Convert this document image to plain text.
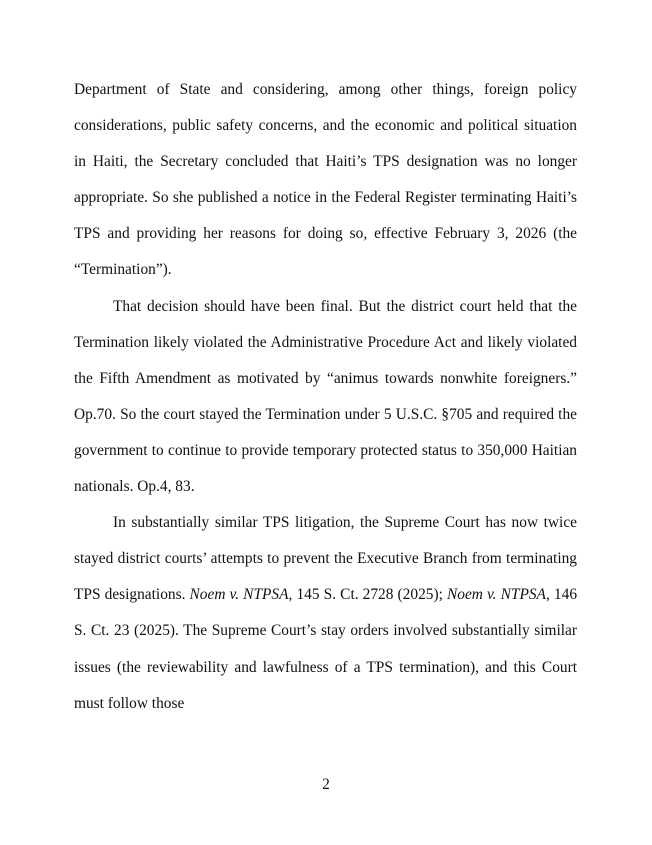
Department of State and considering, among other things, foreign policy considerations, public safety concerns, and the economic and political situation in Haiti, the Secretary concluded that Haiti’s TPS designation was no longer appropriate. So she published a notice in the Federal Register terminating Haiti’s TPS and providing her reasons for doing so, effective February 3, 2026 (the “Termination”).

That decision should have been final. But the district court held that the Termination likely violated the Administrative Procedure Act and likely violated the Fifth Amendment as motivated by “animus towards nonwhite foreigners.” Op.70. So the court stayed the Termination under 5 U.S.C. §705 and required the government to continue to provide temporary protected status to 350,000 Haitian nationals. Op.4, 83.

In substantially similar TPS litigation, the Supreme Court has now twice stayed district courts’ attempts to prevent the Executive Branch from terminating TPS designations. Noem v. NTPSA, 145 S. Ct. 2728 (2025); Noem v. NTPSA, 146 S. Ct. 23 (2025). The Supreme Court’s stay orders involved substantially similar issues (the reviewability and lawfulness of a TPS termination), and this Court must follow those

2
